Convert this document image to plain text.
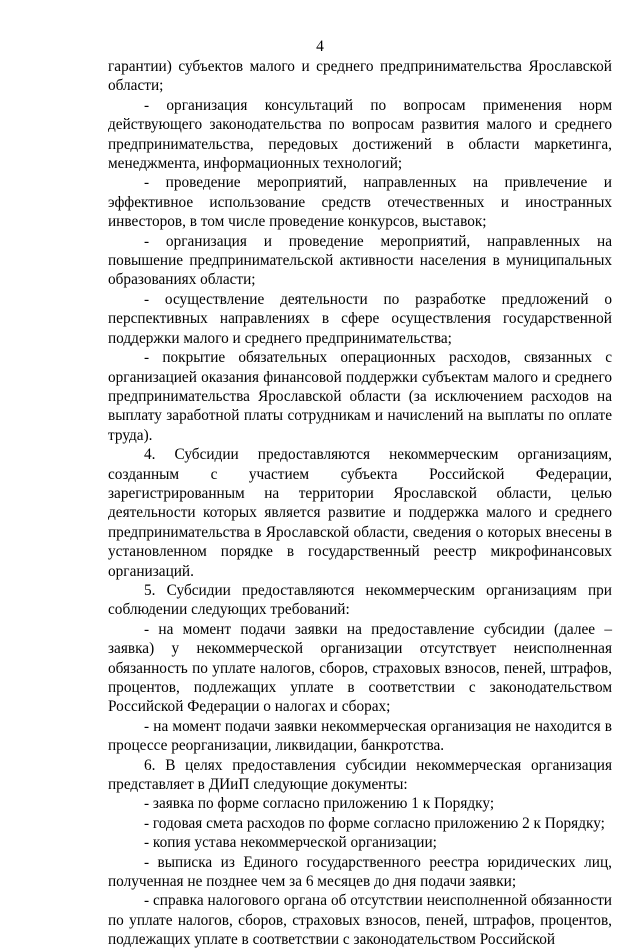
4

гарантии) субъектов малого и среднего предпринимательства Ярославской области;

- организация консультаций по вопросам применения норм действующего законодательства по вопросам развития малого и среднего предпринимательства, передовых достижений в области маркетинга, менеджмента, информационных технологий;

- проведение мероприятий, направленных на привлечение и эффективное использование средств отечественных и иностранных инвесторов, в том числе проведение конкурсов, выставок;

- организация и проведение мероприятий, направленных на повышение предпринимательской активности населения в муниципальных образованиях области;

- осуществление деятельности по разработке предложений о перспективных направлениях в сфере осуществления государственной поддержки малого и среднего предпринимательства;

- покрытие обязательных операционных расходов, связанных с организацией оказания финансовой поддержки субъектам малого и среднего предпринимательства Ярославской области (за исключением расходов на выплату заработной платы сотрудникам и начислений на выплаты по оплате труда).

4. Субсидии предоставляются некоммерческим организациям, созданным с участием субъекта Российской Федерации, зарегистрированным на территории Ярославской области, целью деятельности которых является развитие и поддержка малого и среднего предпринимательства в Ярославской области, сведения о которых внесены в установленном порядке в государственный реестр микрофинансовых организаций.

5. Субсидии предоставляются некоммерческим организациям при соблюдении следующих требований:

- на момент подачи заявки на предоставление субсидии (далее – заявка) у некоммерческой организации отсутствует неисполненная обязанность по уплате налогов, сборов, страховых взносов, пеней, штрафов, процентов, подлежащих уплате в соответствии с законодательством Российской Федерации о налогах и сборах;

- на момент подачи заявки некоммерческая организация не находится в процессе реорганизации, ликвидации, банкротства.

6. В целях предоставления субсидии некоммерческая организация представляет в ДИиП следующие документы:

- заявка по форме согласно приложению 1 к Порядку;

- годовая смета расходов по форме согласно приложению 2 к Порядку;

- копия устава некоммерческой организации;

- выписка из Единого государственного реестра юридических лиц, полученная не позднее чем за 6 месяцев до дня подачи заявки;

- справка налогового органа об отсутствии неисполненной обязанности по уплате налогов, сборов, страховых взносов, пеней, штрафов, процентов, подлежащих уплате в соответствии с законодательством Российской
